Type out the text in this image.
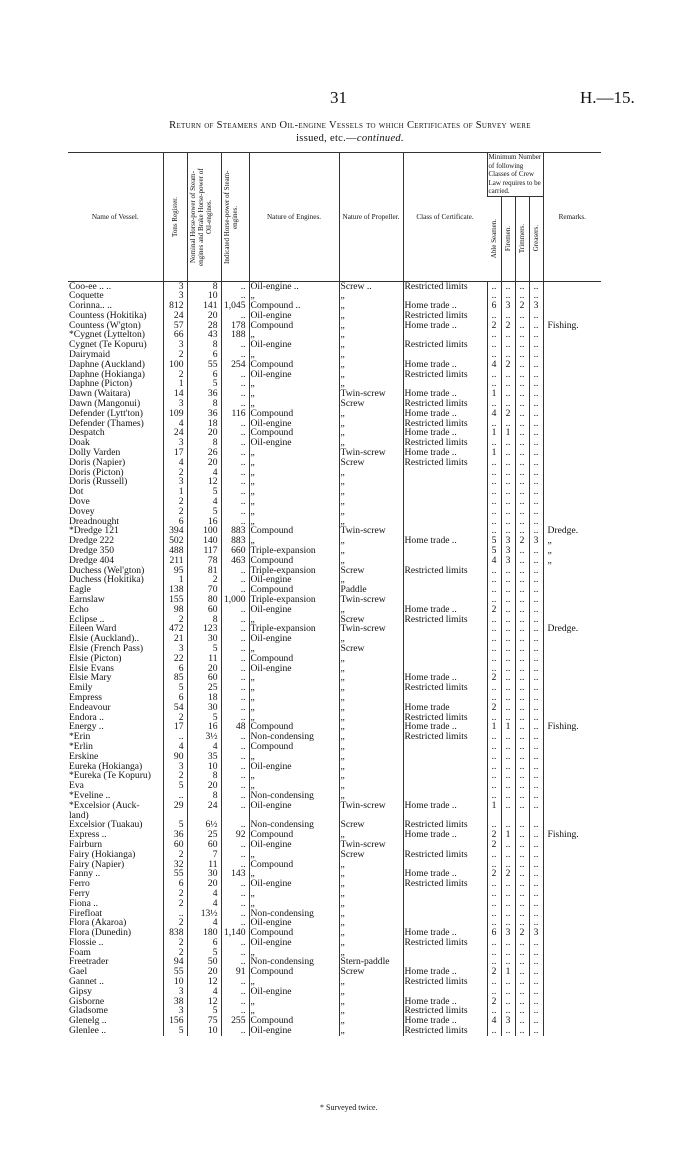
31	H.—15.
Return of Steamers and Oil-engine Vessels to which Certificates of Survey were
issued, etc.—continued.
Name of Vessel.	Tons Register.	Nominal Horse-power of Steam-engines and Brake Horse-power of Oil-engines.	Indicated Horse-power of Steam-engines.	Nature of Engines.	Nature of Propeller.	Class of Certificate.	Minimum Number of following Classes of Crew Law requires to be carried.				Remarks.

							Able Seamen.	Firemen.	Trimmers.	Greasers.	

Coo-ee .. ..	3	8	..	Oil-engine ..	Screw ..	Restricted limits	..	..	..	..	
Coquette	3	10	..	„	„		..	..	..	..	
Corinna.. ..	812	141	1,045	Compound ..	„	Home trade ..	6	3	2	3	
Countess (Hokitika)	24	20	..	Oil-engine	„	Restricted limits	..	..	..	..	
Countess (W'gton)	57	28	178	Compound	„	Home trade ..	2	2	..	..	Fishing.
*Cygnet (Lyttelton)	66	43	188	„	„		..	..	..	..	
Cygnet (Te Kopuru)	3	8	..	Oil-engine	„	Restricted limits	..	..	..	..	
Dairymaid	2	6	..	„	„		..	..	..	..	
Daphne (Auckland)	100	55	254	Compound	„	Home trade ..	4	2	..	..	
Daphne (Hokianga)	2	6	..	Oil-engine	„	Restricted limits	..	..	..	..	
Daphne (Picton)	1	5	..	„	„		..	..	..	..	
Dawn (Waitara)	14	36	..	„	Twin-screw	Home trade ..	1	..	..	..	
Dawn (Mangonui)	3	8	..	„	Screw	Restricted limits	..	..	..	..	
Defender (Lytt'ton)	109	36	116	Compound	„	Home trade ..	4	2	..	..	
Defender (Thames)	4	18	..	Oil-engine	„	Restricted limits	..	..	..	..	
Despatch	24	20	..	Compound	„	Home trade ..	1	1	..	..	
Doak	3	8	..	Oil-engine	„	Restricted limits	..	..	..	..	
Dolly Varden	17	26	..	„	Twin-screw	Home trade ..	1	..	..	..	
Doris (Napier)	4	20	..	„	Screw	Restricted limits	..	..	..	..	
Doris (Picton)	2	4	..	„	„		..	..	..	..	
Doris (Russell)	3	12	..	„	„		..	..	..	..	
Dot	1	5	..	„	„		..	..	..	..	
Dove	2	4	..	„	„		..	..	..	..	
Dovey	2	5	..	„	„		..	..	..	..	
Dreadnought	6	16	..	„	„		..	..	..	..	
*Dredge 121	394	100	883	Compound	Twin-screw		..	..	..	..	Dredge.
Dredge 222	502	140	883	„	„	Home trade ..	5	3	2	3	„
Dredge 350	488	117	660	Triple-expansion	„		5	3	..	..	„
Dredge 404	211	78	463	Compound	„		4	3	..	..	„
Duchess (Wel'gton)	95	81	..	Triple-expansion	Screw	Restricted limits	..	..	..	..	
Duchess (Hokitika)	1	2	..	Oil-engine	„		..	..	..	..	
Eagle	138	70	..	Compound	Paddle		..	..	..	..	
Earnslaw	155	80	1,000	Triple-expansion	Twin-screw		..	..	..	..	
Echo	98	60	..	Oil-engine	„	Home trade ..	2	..	..	..	
Eclipse ..	2	8	..	„	Screw	Restricted limits	..	..	..	..	
Eileen Ward	472	123	..	Triple-expansion	Twin-screw		..	..	..	..	Dredge.
Elsie (Auckland)..	21	30	..	Oil-engine	„		..	..	..	..	
Elsie (French Pass)	3	5	..	„	Screw		..	..	..	..	
Elsie (Picton)	22	11	..	Compound	„		..	..	..	..	
Elsie Evans	6	20	..	Oil-engine	„		..	..	..	..	
Elsie Mary	85	60	..	„	„	Home trade ..	2	..	..	..	
Emily	5	25	..	„	„	Restricted limits	..	..	..	..	
Empress	6	18	..	„	„		..	..	..	..	
Endeavour	54	30	..	„	„	Home trade	2	..	..	..	
Endora ..	2	5	..	„	„	Restricted limits	..	..	..	..	
Energy ..	17	16	48	Compound	„	Home trade ..	1	1	..	..	Fishing.
*Erin	..	3½	..	Non-condensing	„	Restricted limits	..	..	..	..	
*Erlin	4	4	..	Compound	„		..	..	..	..	
Erskine	90	35	..	„	„		..	..	..	..	
Eureka (Hokianga)	3	10	..	Oil-engine	„		..	..	..	..	
*Eureka (Te Kopuru)	2	8	..	„	„		..	..	..	..	
Eva	5	20	..	„	„		..	..	..	..	
*Eveline ..	..	8	..	Non-condensing	„		..	..	..	..	
*Excelsior (Auck- land)	29	24	..	Oil-engine	Twin-screw	Home trade ..	1	..	..	..	
Excelsior (Tuakau)	5	6½	..	Non-condensing	Screw	Restricted limits	..	..	..	..	
Express ..	36	25	92	Compound	„	Home trade ..	2	1	..	..	Fishing.
Fairburn	60	60	..	Oil-engine	Twin-screw		2	..	..	..	
Fairy (Hokianga)	2	7	..	„	Screw	Restricted limits	..	..	..	..	
Fairy (Napier)	32	11	..	Compound	„		..	..	..	..	
Fanny ..	55	30	143	„	„	Home trade ..	2	2	..	..	
Ferro	6	20	..	Oil-engine	„	Restricted limits	..	..	..	..	
Ferry	2	4	..	„	„		..	..	..	..	
Fiona ..	2	4	..	„	„		..	..	..	..	
Firefloat	..	13½	..	Non-condensing	„		..	..	..	..	
Flora (Akaroa)	2	4	..	Oil-engine	„		..	..	..	..	
Flora (Dunedin)	838	180	1,140	Compound	„	Home trade ..	6	3	2	3	
Flossie ..	2	6	..	Oil-engine	„	Restricted limits	..	..	..	..	
Foam	2	5	..	„	„		..	..	..	..	
Freetrader	94	50	..	Non-condensing	Stern-paddle		..	..	..	..	
Gael	55	20	91	Compound	Screw	Home trade ..	2	1	..	..	
Gannet ..	10	12	..	„	„	Restricted limits	..	..	..	..	
Gipsy	3	4	..	Oil-engine	„		..	..	..	..	
Gisborne	38	12	..	„	„	Home trade ..	2	..	..	..	
Gladsome	3	5	..	„	„	Restricted limits	..	..	..	..	
Glenelg ..	156	75	255	Compound	„	Home trade ..	4	3	..	..	
Glenlee ..	5	10	..	Oil-engine	„	Restricted limits	..	..	..	..	
* Surveyed twice.
